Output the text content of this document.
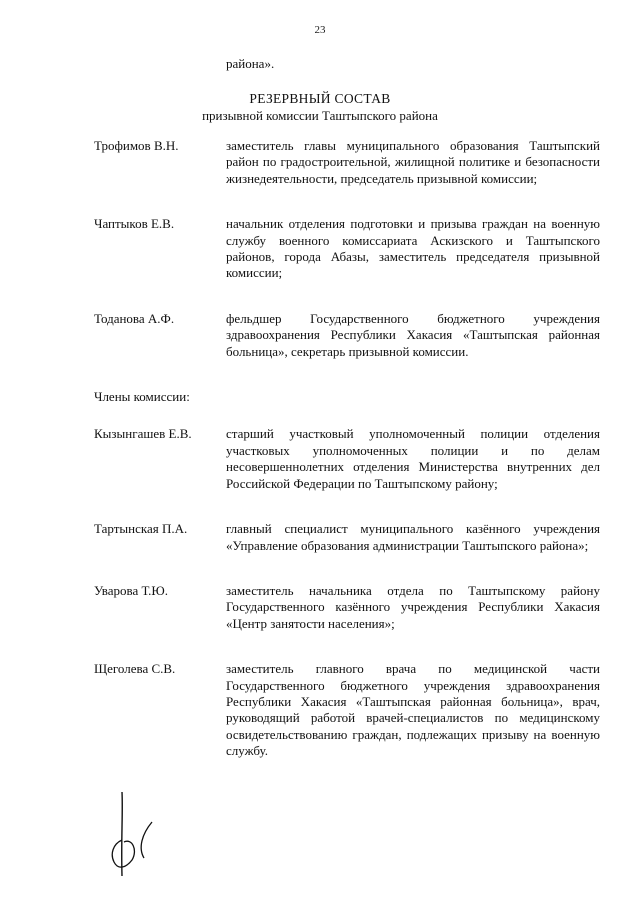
23
района».
РЕЗЕРВНЫЙ СОСТАВ
призывной комиссии Таштыпского района
Трофимов В.Н.	заместитель главы муниципального образования Таштыпский район по градостроительной, жилищной политике и безопасности жизнедеятельности, председатель призывной комиссии;
Чаптыков Е.В.	начальник отделения подготовки и призыва граждан на военную службу военного комиссариата Аскизского и Таштыпского районов, города Абазы, заместитель председателя призывной комиссии;
Тоданова А.Ф.	фельдшер Государственного бюджетного учреждения здравоохранения Республики Хакасия «Таштыпская районная больница», секретарь призывной комиссии.
Члены комиссии:
Кызынгашев Е.В.	старший участковый уполномоченный полиции отделения участковых уполномоченных полиции и по делам несовершеннолетних отделения Министерства внутренних дел Российской Федерации по Таштыпскому району;
Тартынская П.А.	главный специалист муниципального казённого учреждения «Управление образования администрации Таштыпского района»;
Уварова Т.Ю.	заместитель начальника отдела по Таштыпскому району Государственного казённого учреждения Республики Хакасия «Центр занятости населения»;
Щеголева С.В.	заместитель главного врача по медицинской части Государственного бюджетного учреждения здравоохранения Республики Хакасия «Таштыпская районная больница», врач, руководящий работой врачей-специалистов по медицинскому освидетельствованию граждан, подлежащих призыву на военную службу.
